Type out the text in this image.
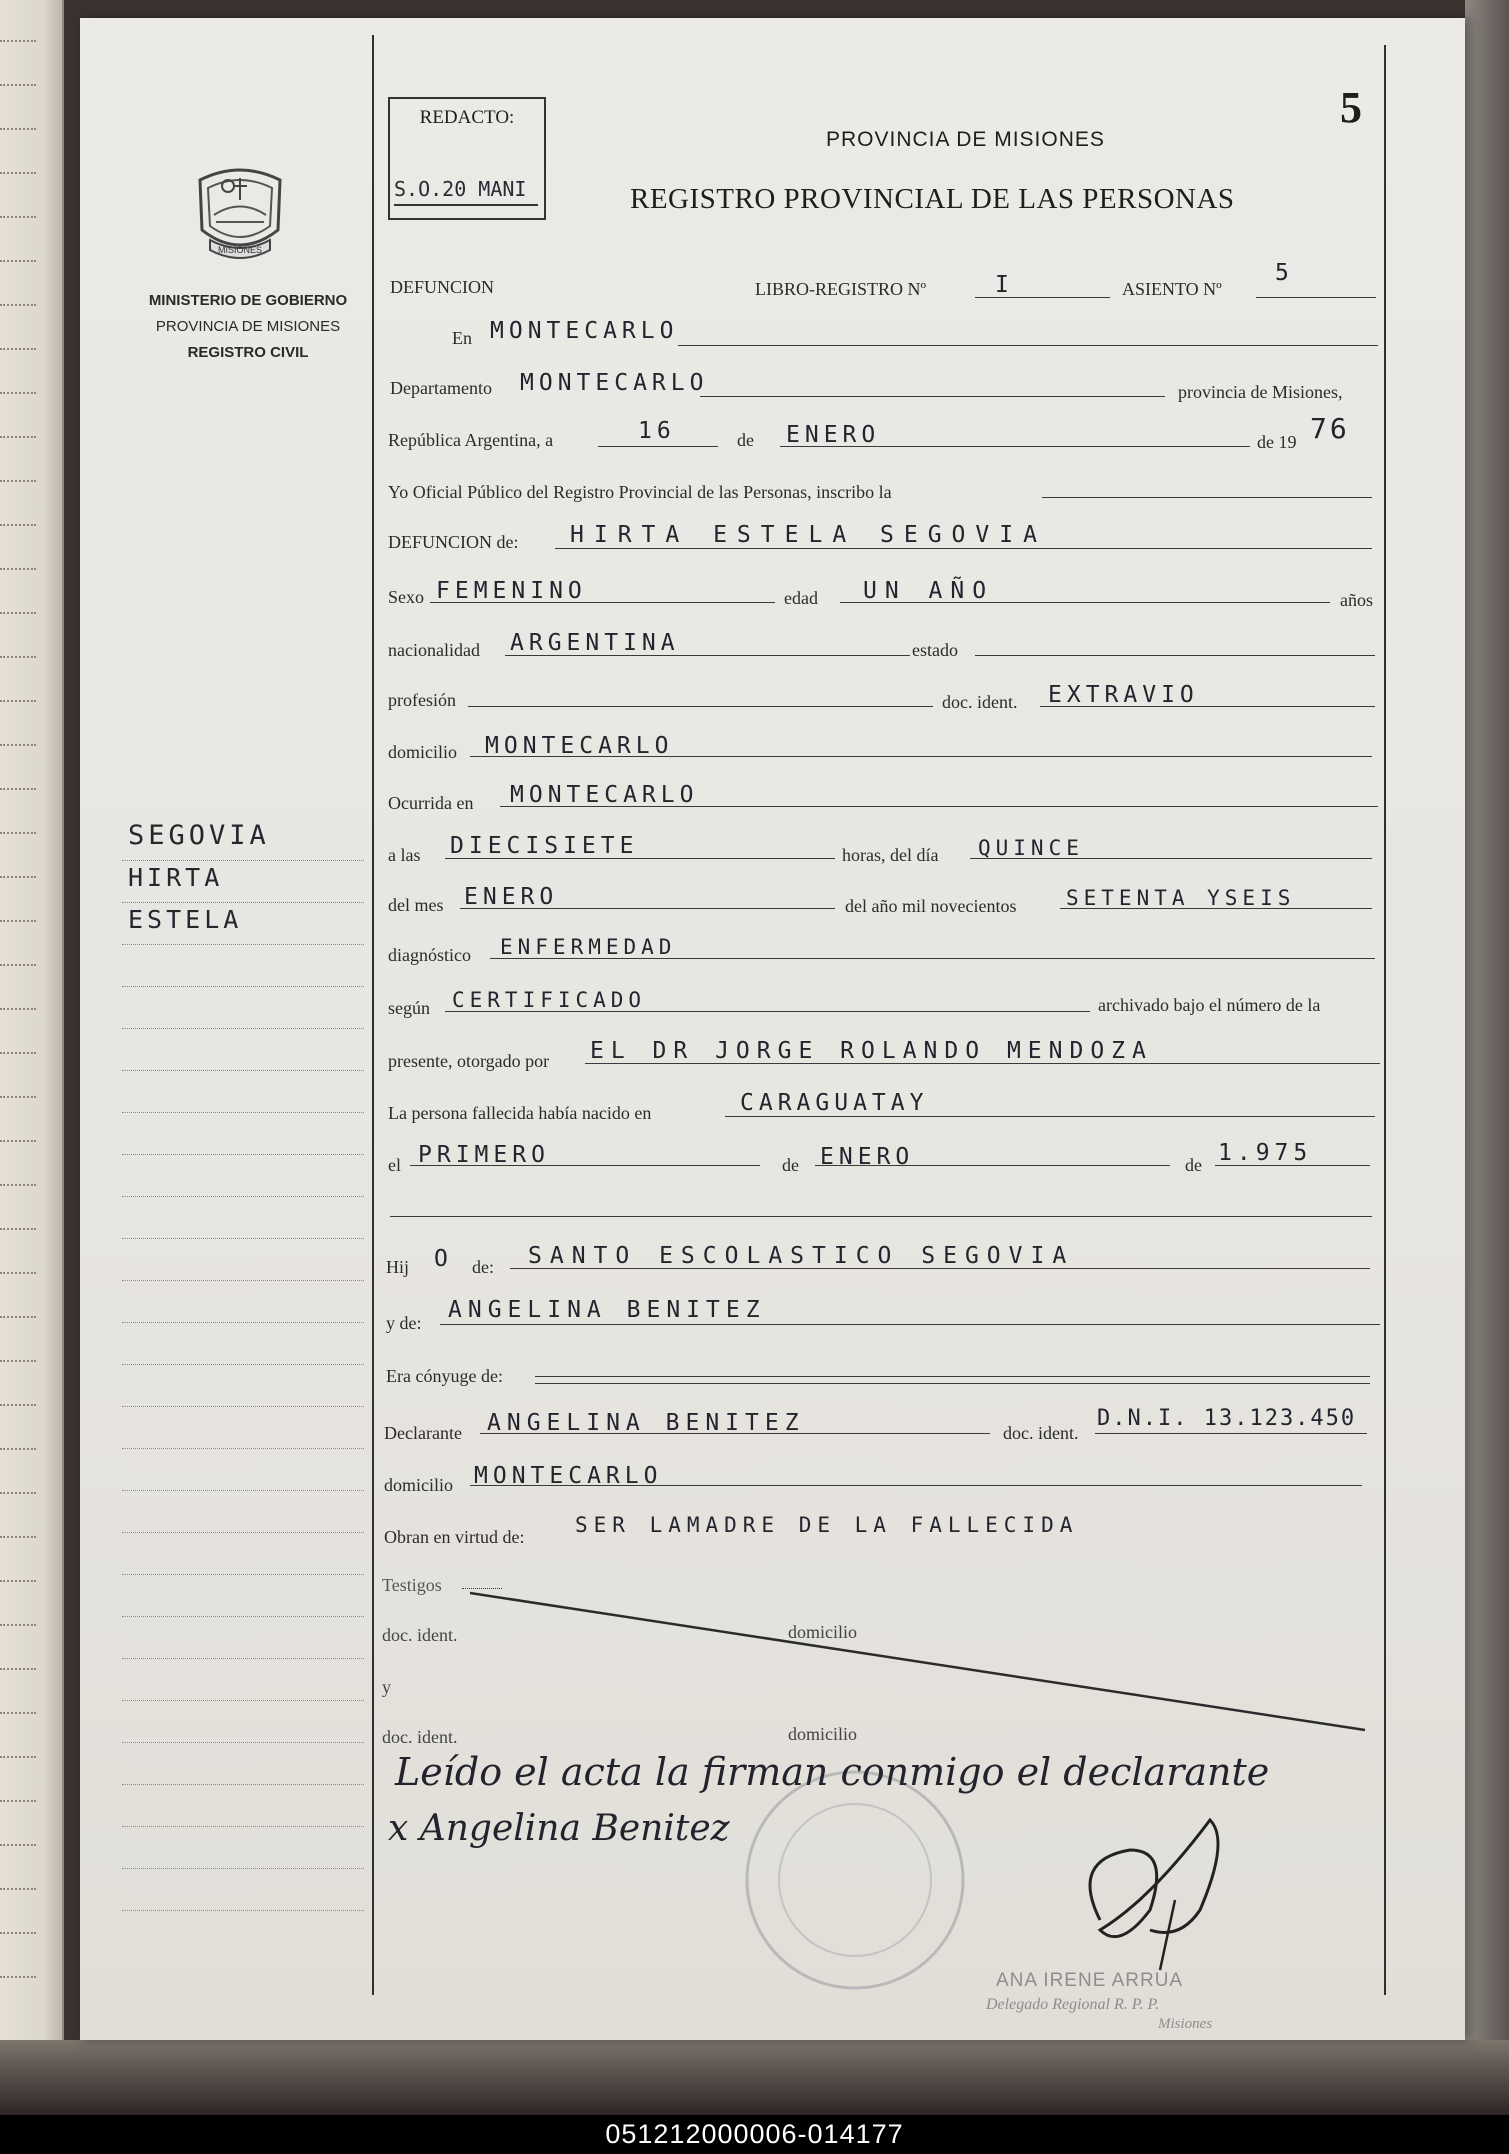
MISIONES
MINISTERIO DE GOBIERNO
PROVINCIA DE MISIONES
REGISTRO CIVIL
SEGOVIA
HIRTA
ESTELA
REDACTO:
S.O.20 MANI
5
PROVINCIA DE MISIONES
REGISTRO PROVINCIAL DE LAS PERSONAS
DEFUNCION	LIBRO-REGISTRO Nº	I	ASIENTO Nº
5
En MONTECARLO
Departamento MONTECARLO	provincia de Misiones,
República Argentina, a	16	de ENERO	de 19 76
Yo Oficial Público del Registro Provincial de las Personas, inscribo la
DEFUNCION de: HIRTA ESTELA SEGOVIA
Sexo FEMENINO	edad UN AÑO	años
nacionalidad ARGENTINA	estado
profesión	doc. ident. EXTRAVIO
domicilio MONTECARLO
Ocurrida en MONTECARLO
a las DIECISIETE	horas, del día QUINCE
del mes ENERO	del año mil novecientos SETENTA YSEIS
diagnóstico ENFERMEDAD
según CERTIFICADO	archivado bajo el número de la
presente, otorgado por EL DR JORGE ROLANDO MENDOZA
La persona fallecida había nacido en	CARAGUATAY
el PRIMERO	de ENERO	de 1.975
Hij O de: SANTO ESCOLASTICO SEGOVIA
y de: ANGELINA BENITEZ
Era cónyuge de:
Declarante ANGELINA BENITEZ	doc. ident.
D.N.I. 13.123.450
domicilio MONTECARLO
Obran en virtud de: SER LAMADRE DE LA FALLECIDA
Testigos
doc. ident.	domicilio
y
doc. ident.	domicilio
Leído el acta la firman conmigo el declarante
x Angelina Benitez
ANA IRENE ARRUA
Delegado Regional R. P. P.
Misiones
051212000006-014177
